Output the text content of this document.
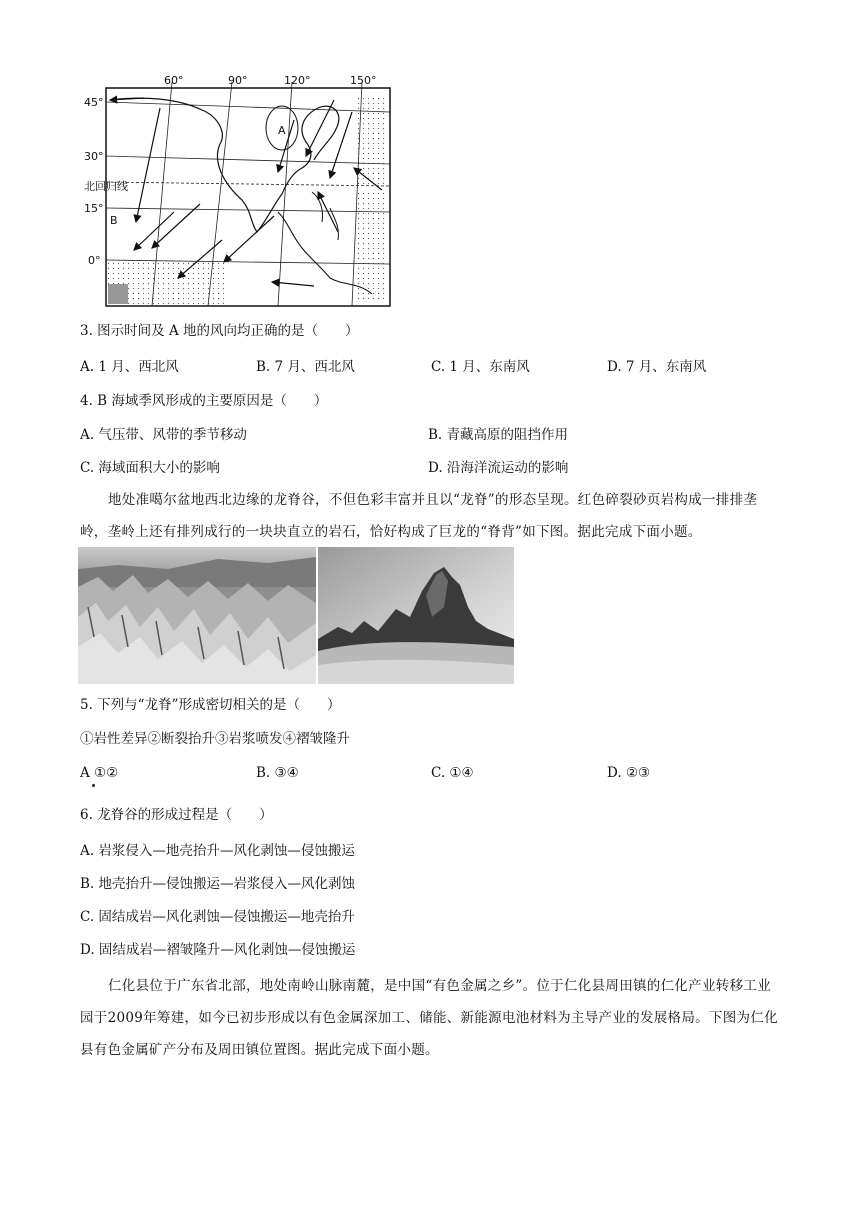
60°	90°	120°	150°
45°
30°
15°
0°
北回归线
A
B
3. 图示时间及 A 地的风向均正确的是（　　）
A. 1 月、西北风	B. 7 月、西北风	C. 1 月、东南风	D. 7 月、东南风
4. B 海域季风形成的主要原因是（　　）
A. 气压带、风带的季节移动	B. 青藏高原的阻挡作用
C. 海域面积大小的影响	D. 沿海洋流运动的影响
地处准噶尔盆地西北边缘的龙脊谷，不但色彩丰富并且以“龙脊”的形态呈现。红色碎裂砂页岩构成一排排垄岭，垄岭上还有排列成行的一块块直立的岩石，恰好构成了巨龙的“脊背”如下图。据此完成下面小题。
5. 下列与“龙脊”形成密切相关的是（　　）
①岩性差异②断裂抬升③岩浆喷发④褶皱隆升
A ①②	B. ③④	C. ①④	D. ②③
6. 龙脊谷的形成过程是（　　）
A. 岩浆侵入—地壳抬升—风化剥蚀—侵蚀搬运
B. 地壳抬升—侵蚀搬运—岩浆侵入—风化剥蚀
C. 固结成岩—风化剥蚀—侵蚀搬运—地壳抬升
D. 固结成岩—褶皱隆升—风化剥蚀—侵蚀搬运
仁化县位于广东省北部，地处南岭山脉南麓，是中国“有色金属之乡”。位于仁化县周田镇的仁化产业转移工业园于2009年筹建，如今已初步形成以有色金属深加工、储能、新能源电池材料为主导产业的发展格局。下图为仁化县有色金属矿产分布及周田镇位置图。据此完成下面小题。
